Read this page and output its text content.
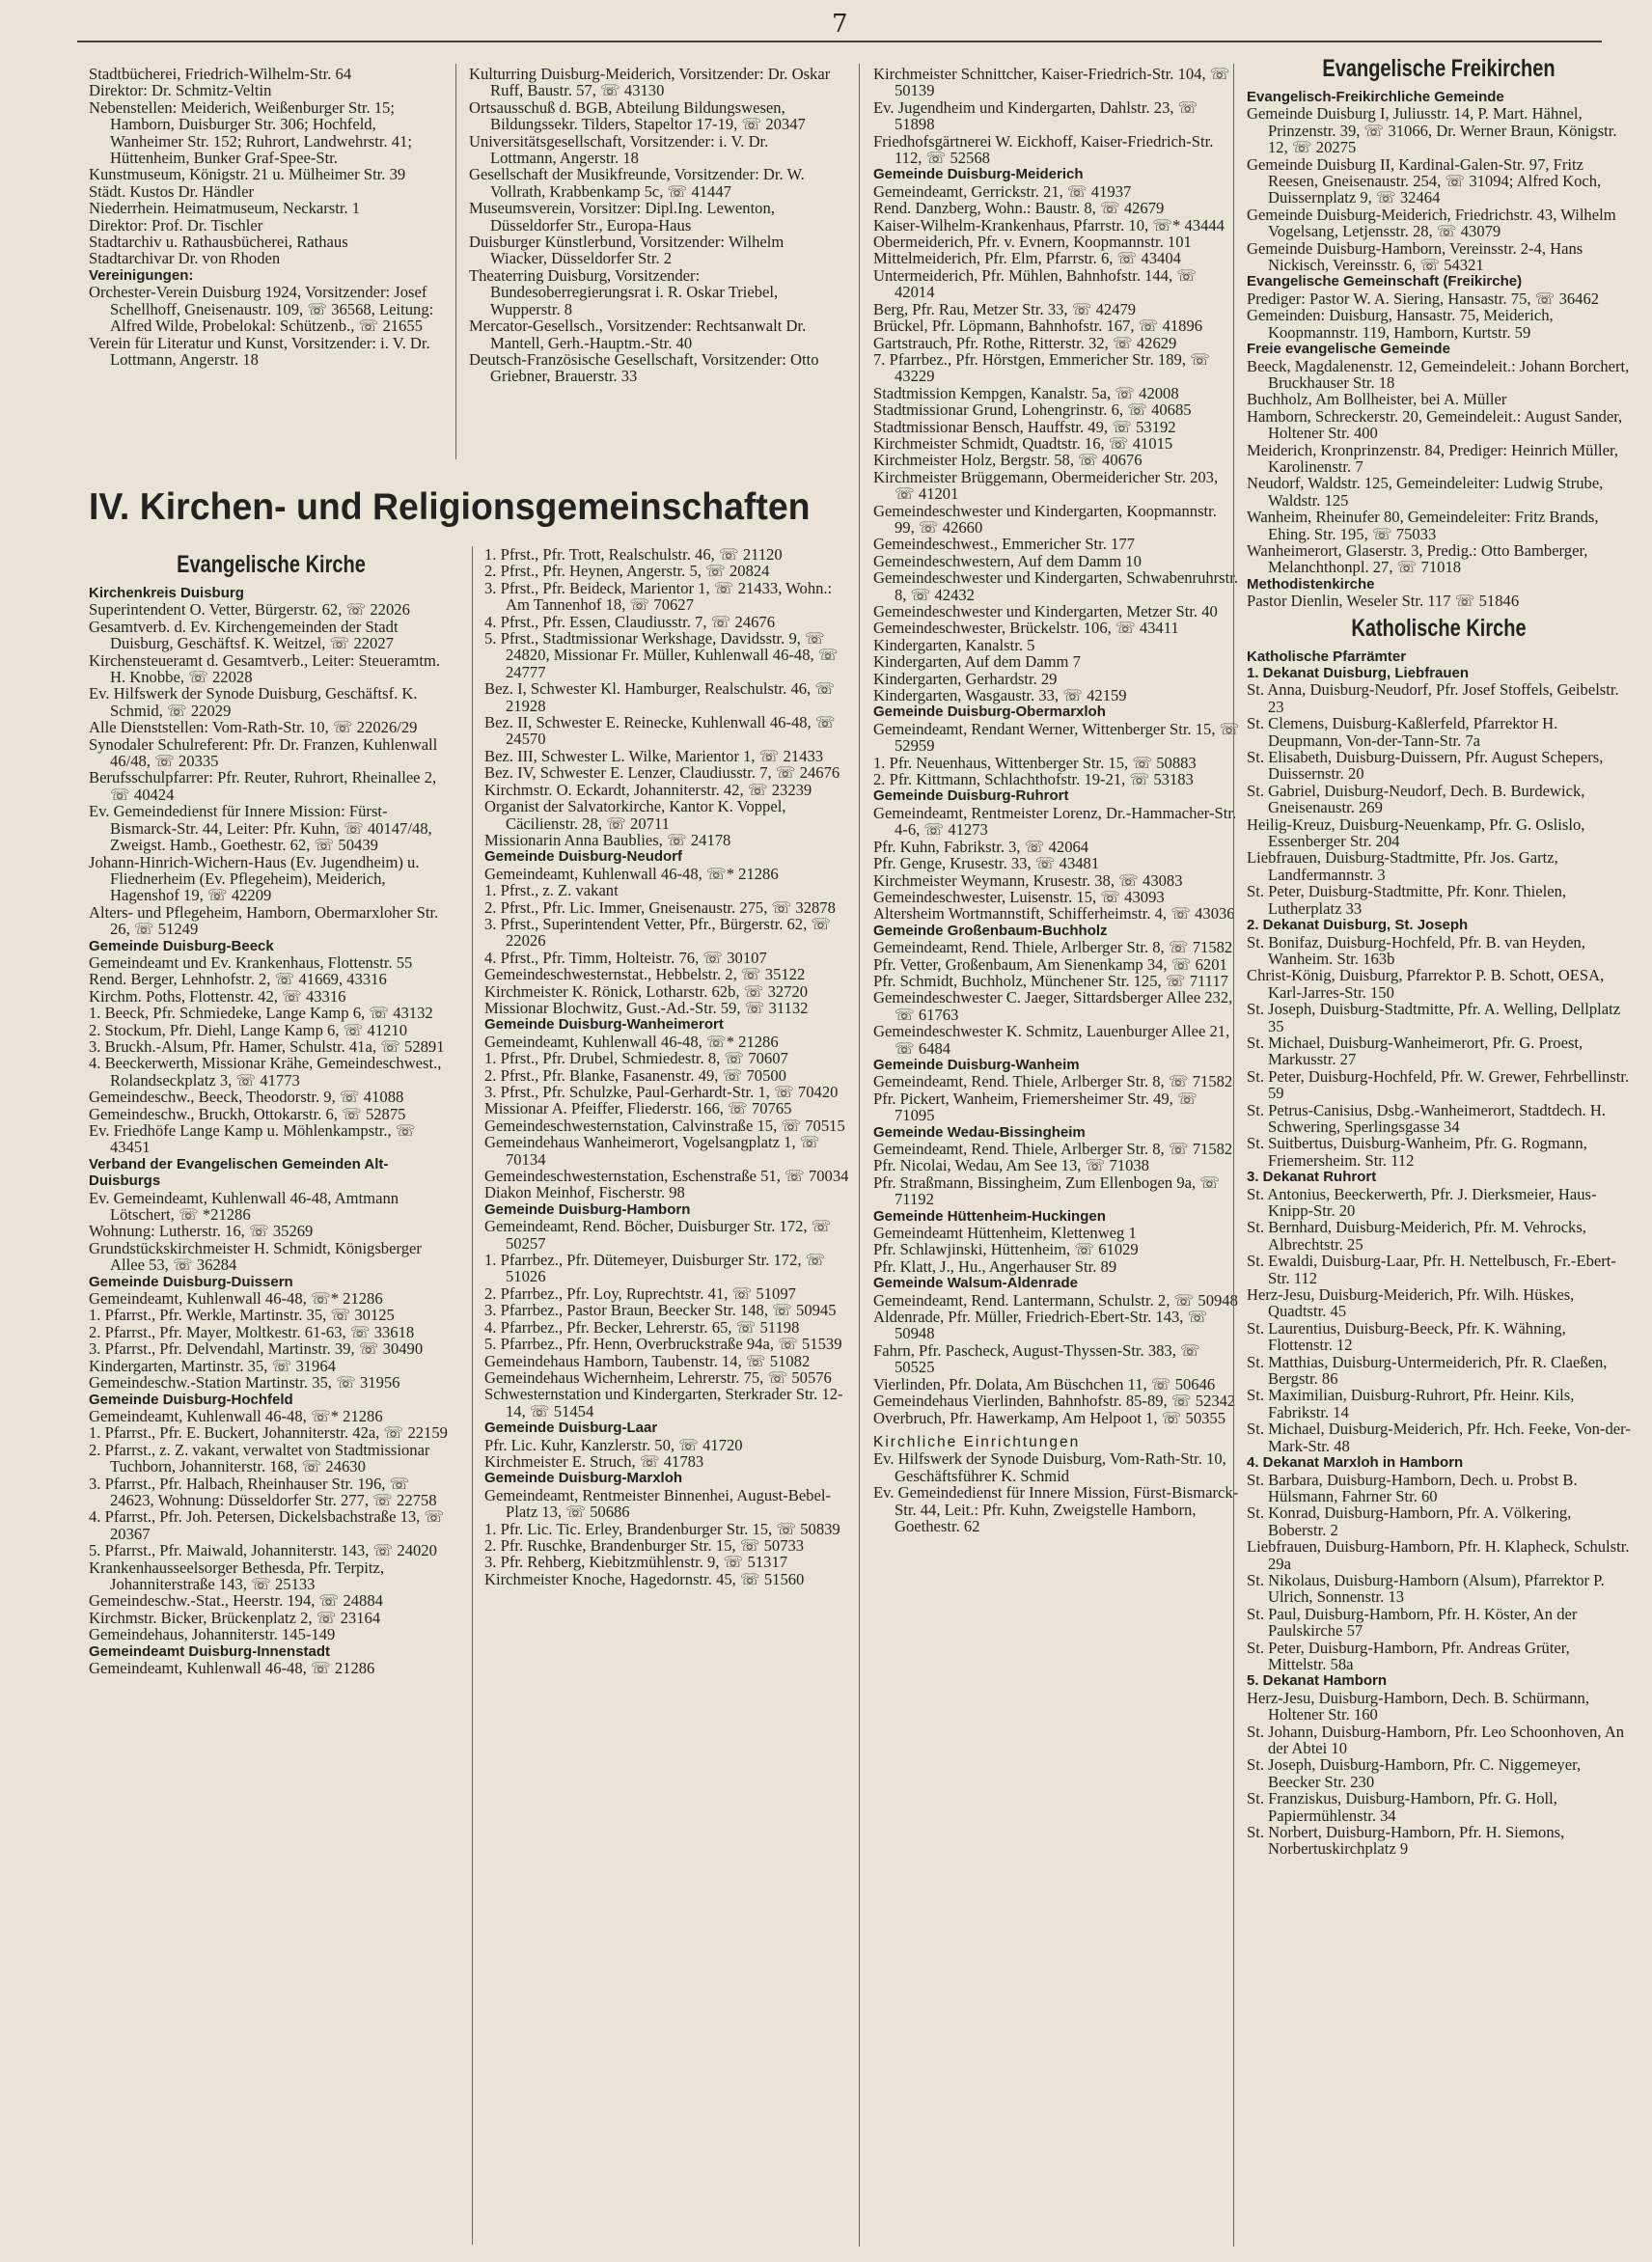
7

Stadtbücherei, Friedrich-Wilhelm-Str. 64

Direktor: Dr. Schmitz-Veltin

Nebenstellen: Meiderich, Weißenburger Str. 15; Hamborn, Duisburger Str. 306; Hochfeld, Wanheimer Str. 152; Ruhrort, Landwehrstr. 41; Hüttenheim, Bunker Graf-Spee-Str.

Kunstmuseum, Königstr. 21 u. Mülheimer Str. 39

Städt. Kustos Dr. Händler

Niederrhein. Heimatmuseum, Neckarstr. 1

Direktor: Prof. Dr. Tischler

Stadtarchiv u. Rathausbücherei, Rathaus

Stadtarchivar Dr. von Rhoden

Vereinigungen:

Orchester-Verein Duisburg 1924, Vorsitzender: Josef Schellhoff, Gneisenaustr. 109, ☏ 36568, Leitung: Alfred Wilde, Probelokal: Schützenb., ☏ 21655

Verein für Literatur und Kunst, Vorsitzender: i. V. Dr. Lottmann, Angerstr. 18

Kulturring Duisburg-Meiderich, Vorsitzender: Dr. Oskar Ruff, Baustr. 57, ☏ 43130

Ortsausschuß d. BGB, Abteilung Bildungswesen, Bildungssekr. Tilders, Stapeltor 17-19, ☏ 20347

Universitätsgesellschaft, Vorsitzender: i. V. Dr. Lottmann, Angerstr. 18

Gesellschaft der Musikfreunde, Vorsitzender: Dr. W. Vollrath, Krabbenkamp 5c, ☏ 41447

Museumsverein, Vorsitzer: Dipl.Ing. Lewenton, Düsseldorfer Str., Europa-Haus

Duisburger Künstlerbund, Vorsitzender: Wilhelm Wiacker, Düsseldorfer Str. 2

Theaterring Duisburg, Vorsitzender: Bundesoberregierungsrat i. R. Oskar Triebel, Wupperstr. 8

Mercator-Gesellsch., Vorsitzender: Rechtsanwalt Dr. Mantell, Gerh.-Hauptm.-Str. 40

Deutsch-Französische Gesellschaft, Vorsitzender: Otto Griebner, Brauerstr. 33

IV. Kirchen- und Religionsgemeinschaften
Evangelische Kirche

Kirchenkreis Duisburg

Superintendent O. Vetter, Bürgerstr. 62, ☏ 22026

Gesamtverb. d. Ev. Kirchengemeinden der Stadt Duisburg, Geschäftsf. K. Weitzel, ☏ 22027

Kirchensteueramt d. Gesamtverb., Leiter: Steueramtm. H. Knobbe, ☏ 22028

Ev. Hilfswerk der Synode Duisburg, Geschäftsf. K. Schmid, ☏ 22029

Alle Dienststellen: Vom-Rath-Str. 10, ☏ 22026/29

Synodaler Schulreferent: Pfr. Dr. Franzen, Kuhlenwall 46/48, ☏ 20335

Berufsschulpfarrer: Pfr. Reuter, Ruhrort, Rheinallee 2, ☏ 40424

Ev. Gemeindedienst für Innere Mission: Fürst-Bismarck-Str. 44, Leiter: Pfr. Kuhn, ☏ 40147/48, Zweigst. Hamb., Goethestr. 62, ☏ 50439

Johann-Hinrich-Wichern-Haus (Ev. Jugendheim) u. Fliednerheim (Ev. Pflegeheim), Meiderich, Hagenshof 19, ☏ 42209

Alters- und Pflegeheim, Hamborn, Obermarxloher Str. 26, ☏ 51249

Gemeinde Duisburg-Beeck

Gemeindeamt und Ev. Krankenhaus, Flottenstr. 55

Rend. Berger, Lehnhofstr. 2, ☏ 41669, 43316

Kirchm. Poths, Flottenstr. 42, ☏ 43316

1. Beeck, Pfr. Schmiedeke, Lange Kamp 6, ☏ 43132

2. Stockum, Pfr. Diehl, Lange Kamp 6, ☏ 41210

3. Bruckh.-Alsum, Pfr. Hamer, Schulstr. 41a, ☏ 52891

4. Beeckerwerth, Missionar Krähe, Gemeindeschwest., Rolandseckplatz 3, ☏ 41773

Gemeindeschw., Beeck, Theodorstr. 9, ☏ 41088

Gemeindeschw., Bruckh, Ottokarstr. 6, ☏ 52875

Ev. Friedhöfe Lange Kamp u. Möhlenkampstr., ☏ 43451

Verband der Evangelischen Gemeinden Alt-Duisburgs

Ev. Gemeindeamt, Kuhlenwall 46-48, Amtmann Lötschert, ☏ *21286

Wohnung: Lutherstr. 16, ☏ 35269

Grundstückskirchmeister H. Schmidt, Königsberger Allee 53, ☏ 36284

Gemeinde Duisburg-Duissern

Gemeindeamt, Kuhlenwall 46-48, ☏* 21286

1. Pfarrst., Pfr. Werkle, Martinstr. 35, ☏ 30125

2. Pfarrst., Pfr. Mayer, Moltkestr. 61-63, ☏ 33618

3. Pfarrst., Pfr. Delvendahl, Martinstr. 39, ☏ 30490

Kindergarten, Martinstr. 35, ☏ 31964

Gemeindeschw.-Station Martinstr. 35, ☏ 31956

Gemeinde Duisburg-Hochfeld

Gemeindeamt, Kuhlenwall 46-48, ☏* 21286

1. Pfarrst., Pfr. E. Buckert, Johanniterstr. 42a, ☏ 22159

2. Pfarrst., z. Z. vakant, verwaltet von Stadtmissionar Tuchborn, Johanniterstr. 168, ☏ 24630

3. Pfarrst., Pfr. Halbach, Rheinhauser Str. 196, ☏ 24623, Wohnung: Düsseldorfer Str. 277, ☏ 22758

4. Pfarrst., Pfr. Joh. Petersen, Dickelsbachstraße 13, ☏ 20367

5. Pfarrst., Pfr. Maiwald, Johanniterstr. 143, ☏ 24020

Krankenhausseelsorger Bethesda, Pfr. Terpitz, Johanniterstraße 143, ☏ 25133

Gemeindeschw.-Stat., Heerstr. 194, ☏ 24884

Kirchmstr. Bicker, Brückenplatz 2, ☏ 23164

Gemeindehaus, Johanniterstr. 145-149

Gemeindeamt Duisburg-Innenstadt

Gemeindeamt, Kuhlenwall 46-48, ☏ 21286

1. Pfrst., Pfr. Trott, Realschulstr. 46, ☏ 21120

2. Pfrst., Pfr. Heynen, Angerstr. 5, ☏ 20824

3. Pfrst., Pfr. Beideck, Marientor 1, ☏ 21433, Wohn.: Am Tannenhof 18, ☏ 70627

4. Pfrst., Pfr. Essen, Claudiusstr. 7, ☏ 24676

5. Pfrst., Stadtmissionar Werkshage, Davidsstr. 9, ☏ 24820, Missionar Fr. Müller, Kuhlenwall 46-48, ☏ 24777

Bez. I, Schwester Kl. Hamburger, Realschulstr. 46, ☏ 21928

Bez. II, Schwester E. Reinecke, Kuhlenwall 46-48, ☏ 24570

Bez. III, Schwester L. Wilke, Marientor 1, ☏ 21433

Bez. IV, Schwester E. Lenzer, Claudiusstr. 7, ☏ 24676

Kirchmstr. O. Eckardt, Johanniterstr. 42, ☏ 23239

Organist der Salvatorkirche, Kantor K. Voppel, Cäcilienstr. 28, ☏ 20711

Missionarin Anna Baublies, ☏ 24178

Gemeinde Duisburg-Neudorf

Gemeindeamt, Kuhlenwall 46-48, ☏* 21286

1. Pfrst., z. Z. vakant

2. Pfrst., Pfr. Lic. Immer, Gneisenaustr. 275, ☏ 32878

3. Pfrst., Superintendent Vetter, Pfr., Bürgerstr. 62, ☏ 22026

4. Pfrst., Pfr. Timm, Holteistr. 76, ☏ 30107

Gemeindeschwesternstat., Hebbelstr. 2, ☏ 35122

Kirchmeister K. Rönick, Lotharstr. 62b, ☏ 32720

Missionar Blochwitz, Gust.-Ad.-Str. 59, ☏ 31132

Gemeinde Duisburg-Wanheimerort

Gemeindeamt, Kuhlenwall 46-48, ☏* 21286

1. Pfrst., Pfr. Drubel, Schmiedestr. 8, ☏ 70607

2. Pfrst., Pfr. Blanke, Fasanenstr. 49, ☏ 70500

3. Pfrst., Pfr. Schulzke, Paul-Gerhardt-Str. 1, ☏ 70420

Missionar A. Pfeiffer, Fliederstr. 166, ☏ 70765

Gemeindeschwesternstation, Calvinstraße 15, ☏ 70515

Gemeindehaus Wanheimerort, Vogelsangplatz 1, ☏ 70134

Gemeindeschwesternstation, Eschenstraße 51, ☏ 70034

Diakon Meinhof, Fischerstr. 98

Gemeinde Duisburg-Hamborn

Gemeindeamt, Rend. Böcher, Duisburger Str. 172, ☏ 50257

1. Pfarrbez., Pfr. Dütemeyer, Duisburger Str. 172, ☏ 51026

2. Pfarrbez., Pfr. Loy, Ruprechtstr. 41, ☏ 51097

3. Pfarrbez., Pastor Braun, Beecker Str. 148, ☏ 50945

4. Pfarrbez., Pfr. Becker, Lehrerstr. 65, ☏ 51198

5. Pfarrbez., Pfr. Henn, Overbruckstraße 94a, ☏ 51539

Gemeindehaus Hamborn, Taubenstr. 14, ☏ 51082

Gemeindehaus Wichernheim, Lehrerstr. 75, ☏ 50576

Schwesternstation und Kindergarten, Sterkrader Str. 12-14, ☏ 51454

Gemeinde Duisburg-Laar

Pfr. Lic. Kuhr, Kanzlerstr. 50, ☏ 41720

Kirchmeister E. Struch, ☏ 41783

Gemeinde Duisburg-Marxloh

Gemeindeamt, Rentmeister Binnenhei, August-Bebel-Platz 13, ☏ 50686

1. Pfr. Lic. Tic. Erley, Brandenburger Str. 15, ☏ 50839

2. Pfr. Ruschke, Brandenburger Str. 15, ☏ 50733

3. Pfr. Rehberg, Kiebitzmühlenstr. 9, ☏ 51317

Kirchmeister Knoche, Hagedornstr. 45, ☏ 51560

Kirchmeister Schnittcher, Kaiser-Friedrich-Str. 104, ☏ 50139

Ev. Jugendheim und Kindergarten, Dahlstr. 23, ☏ 51898

Friedhofsgärtnerei W. Eickhoff, Kaiser-Friedrich-Str. 112, ☏ 52568

Gemeinde Duisburg-Meiderich

Gemeindeamt, Gerrickstr. 21, ☏ 41937

Rend. Danzberg, Wohn.: Baustr. 8, ☏ 42679

Kaiser-Wilhelm-Krankenhaus, Pfarrstr. 10, ☏* 43444

Obermeiderich, Pfr. v. Evnern, Koopmannstr. 101

Mittelmeiderich, Pfr. Elm, Pfarrstr. 6, ☏ 43404

Untermeiderich, Pfr. Mühlen, Bahnhofstr. 144, ☏ 42014

Berg, Pfr. Rau, Metzer Str. 33, ☏ 42479

Brückel, Pfr. Löpmann, Bahnhofstr. 167, ☏ 41896

Gartstrauch, Pfr. Rothe, Ritterstr. 32, ☏ 42629

7. Pfarrbez., Pfr. Hörstgen, Emmericher Str. 189, ☏ 43229

Stadtmission Kempgen, Kanalstr. 5a, ☏ 42008

Stadtmissionar Grund, Lohengrinstr. 6, ☏ 40685

Stadtmissionar Bensch, Hauffstr. 49, ☏ 53192

Kirchmeister Schmidt, Quadtstr. 16, ☏ 41015

Kirchmeister Holz, Bergstr. 58, ☏ 40676

Kirchmeister Brüggemann, Obermeidericher Str. 203, ☏ 41201

Gemeindeschwester und Kindergarten, Koopmannstr. 99, ☏ 42660

Gemeindeschwest., Emmericher Str. 177

Gemeindeschwestern, Auf dem Damm 10

Gemeindeschwester und Kindergarten, Schwabenruhrstr. 8, ☏ 42432

Gemeindeschwester und Kindergarten, Metzer Str. 40

Gemeindeschwester, Brückelstr. 106, ☏ 43411

Kindergarten, Kanalstr. 5

Kindergarten, Auf dem Damm 7

Kindergarten, Gerhardstr. 29

Kindergarten, Wasgaustr. 33, ☏ 42159

Gemeinde Duisburg-Obermarxloh

Gemeindeamt, Rendant Werner, Wittenberger Str. 15, ☏ 52959

1. Pfr. Neuenhaus, Wittenberger Str. 15, ☏ 50883

2. Pfr. Kittmann, Schlachthofstr. 19-21, ☏ 53183

Gemeinde Duisburg-Ruhrort

Gemeindeamt, Rentmeister Lorenz, Dr.-Hammacher-Str. 4-6, ☏ 41273

Pfr. Kuhn, Fabrikstr. 3, ☏ 42064

Pfr. Genge, Krusestr. 33, ☏ 43481

Kirchmeister Weymann, Krusestr. 38, ☏ 43083

Gemeindeschwester, Luisenstr. 15, ☏ 43093

Altersheim Wortmannstift, Schifferheimstr. 4, ☏ 43036

Gemeinde Großenbaum-Buchholz

Gemeindeamt, Rend. Thiele, Arlberger Str. 8, ☏ 71582

Pfr. Vetter, Großenbaum, Am Sienenkamp 34, ☏ 6201

Pfr. Schmidt, Buchholz, Münchener Str. 125, ☏ 71117

Gemeindeschwester C. Jaeger, Sittardsberger Allee 232, ☏ 61763

Gemeindeschwester K. Schmitz, Lauenburger Allee 21, ☏ 6484

Gemeinde Duisburg-Wanheim

Gemeindeamt, Rend. Thiele, Arlberger Str. 8, ☏ 71582

Pfr. Pickert, Wanheim, Friemersheimer Str. 49, ☏ 71095

Gemeinde Wedau-Bissingheim

Gemeindeamt, Rend. Thiele, Arlberger Str. 8, ☏ 71582

Pfr. Nicolai, Wedau, Am See 13, ☏ 71038

Pfr. Straßmann, Bissingheim, Zum Ellenbogen 9a, ☏ 71192

Gemeinde Hüttenheim-Huckingen

Gemeindeamt Hüttenheim, Klettenweg 1

Pfr. Schlawjinski, Hüttenheim, ☏ 61029

Pfr. Klatt, J., Hu., Angerhauser Str. 89

Gemeinde Walsum-Aldenrade

Gemeindeamt, Rend. Lantermann, Schulstr. 2, ☏ 50948

Aldenrade, Pfr. Müller, Friedrich-Ebert-Str. 143, ☏ 50948

Fahrn, Pfr. Pascheck, August-Thyssen-Str. 383, ☏ 50525

Vierlinden, Pfr. Dolata, Am Büschchen 11, ☏ 50646

Gemeindehaus Vierlinden, Bahnhofstr. 85-89, ☏ 52342

Overbruch, Pfr. Hawerkamp, Am Helpoot 1, ☏ 50355

Kirchliche Einrichtungen

Ev. Hilfswerk der Synode Duisburg, Vom-Rath-Str. 10, Geschäftsführer K. Schmid

Ev. Gemeindedienst für Innere Mission, Fürst-Bismarck-Str. 44, Leit.: Pfr. Kuhn, Zweigstelle Hamborn, Goethestr. 62

Evangelische Freikirchen

Evangelisch-Freikirchliche Gemeinde

Gemeinde Duisburg I, Juliusstr. 14, P. Mart. Hähnel, Prinzenstr. 39, ☏ 31066, Dr. Werner Braun, Königstr. 12, ☏ 20275

Gemeinde Duisburg II, Kardinal-Galen-Str. 97, Fritz Reesen, Gneisenaustr. 254, ☏ 31094; Alfred Koch, Duissernplatz 9, ☏ 32464

Gemeinde Duisburg-Meiderich, Friedrichstr. 43, Wilhelm Vogelsang, Letjensstr. 28, ☏ 43079

Gemeinde Duisburg-Hamborn, Vereinsstr. 2-4, Hans Nickisch, Vereinsstr. 6, ☏ 54321

Evangelische Gemeinschaft (Freikirche)

Prediger: Pastor W. A. Siering, Hansastr. 75, ☏ 36462

Gemeinden: Duisburg, Hansastr. 75, Meiderich, Koopmannstr. 119, Hamborn, Kurtstr. 59

Freie evangelische Gemeinde

Beeck, Magdalenenstr. 12, Gemeindeleit.: Johann Borchert, Bruckhauser Str. 18

Buchholz, Am Bollheister, bei A. Müller

Hamborn, Schreckerstr. 20, Gemeindeleit.: August Sander, Holtener Str. 400

Meiderich, Kronprinzenstr. 84, Prediger: Heinrich Müller, Karolinenstr. 7

Neudorf, Waldstr. 125, Gemeindeleiter: Ludwig Strube, Waldstr. 125

Wanheim, Rheinufer 80, Gemeindeleiter: Fritz Brands, Ehing. Str. 195, ☏ 75033

Wanheimerort, Glaserstr. 3, Predig.: Otto Bamberger, Melanchthonpl. 27, ☏ 71018

Methodistenkirche

Pastor Dienlin, Weseler Str. 117 ☏ 51846

Katholische Kirche

Katholische Pfarrämter

1. Dekanat Duisburg, Liebfrauen

St. Anna, Duisburg-Neudorf, Pfr. Josef Stoffels, Geibelstr. 23

St. Clemens, Duisburg-Kaßlerfeld, Pfarrektor H. Deupmann, Von-der-Tann-Str. 7a

St. Elisabeth, Duisburg-Duissern, Pfr. August Schepers, Duissernstr. 20

St. Gabriel, Duisburg-Neudorf, Dech. B. Burdewick, Gneisenaustr. 269

Heilig-Kreuz, Duisburg-Neuenkamp, Pfr. G. Oslislo, Essenberger Str. 204

Liebfrauen, Duisburg-Stadtmitte, Pfr. Jos. Gartz, Landfermannstr. 3

St. Peter, Duisburg-Stadtmitte, Pfr. Konr. Thielen, Lutherplatz 33

2. Dekanat Duisburg, St. Joseph

St. Bonifaz, Duisburg-Hochfeld, Pfr. B. van Heyden, Wanheim. Str. 163b

Christ-König, Duisburg, Pfarrektor P. B. Schott, OESA, Karl-Jarres-Str. 150

St. Joseph, Duisburg-Stadtmitte, Pfr. A. Welling, Dellplatz 35

St. Michael, Duisburg-Wanheimerort, Pfr. G. Proest, Markusstr. 27

St. Peter, Duisburg-Hochfeld, Pfr. W. Grewer, Fehrbellinstr. 59

St. Petrus-Canisius, Dsbg.-Wanheimerort, Stadtdech. H. Schwering, Sperlingsgasse 34

St. Suitbertus, Duisburg-Wanheim, Pfr. G. Rogmann, Friemersheim. Str. 112

3. Dekanat Ruhrort

St. Antonius, Beeckerwerth, Pfr. J. Dierksmeier, Haus-Knipp-Str. 20

St. Bernhard, Duisburg-Meiderich, Pfr. M. Vehrocks, Albrechtstr. 25

St. Ewaldi, Duisburg-Laar, Pfr. H. Nettelbusch, Fr.-Ebert-Str. 112

Herz-Jesu, Duisburg-Meiderich, Pfr. Wilh. Hüskes, Quadtstr. 45

St. Laurentius, Duisburg-Beeck, Pfr. K. Wähning, Flottenstr. 12

St. Matthias, Duisburg-Untermeiderich, Pfr. R. Claeßen, Bergstr. 86

St. Maximilian, Duisburg-Ruhrort, Pfr. Heinr. Kils, Fabrikstr. 14

St. Michael, Duisburg-Meiderich, Pfr. Hch. Feeke, Von-der-Mark-Str. 48

4. Dekanat Marxloh in Hamborn

St. Barbara, Duisburg-Hamborn, Dech. u. Probst B. Hülsmann, Fahrner Str. 60

St. Konrad, Duisburg-Hamborn, Pfr. A. Völkering, Boberstr. 2

Liebfrauen, Duisburg-Hamborn, Pfr. H. Klapheck, Schulstr. 29a

St. Nikolaus, Duisburg-Hamborn (Alsum), Pfarrektor P. Ulrich, Sonnenstr. 13

St. Paul, Duisburg-Hamborn, Pfr. H. Köster, An der Paulskirche 57

St. Peter, Duisburg-Hamborn, Pfr. Andreas Grüter, Mittelstr. 58a

5. Dekanat Hamborn

Herz-Jesu, Duisburg-Hamborn, Dech. B. Schürmann, Holtener Str. 160

St. Johann, Duisburg-Hamborn, Pfr. Leo Schoonhoven, An der Abtei 10

St. Joseph, Duisburg-Hamborn, Pfr. C. Niggemeyer, Beecker Str. 230

St. Franziskus, Duisburg-Hamborn, Pfr. G. Holl, Papiermühlenstr. 34

St. Norbert, Duisburg-Hamborn, Pfr. H. Siemons, Norbertuskirchplatz 9
